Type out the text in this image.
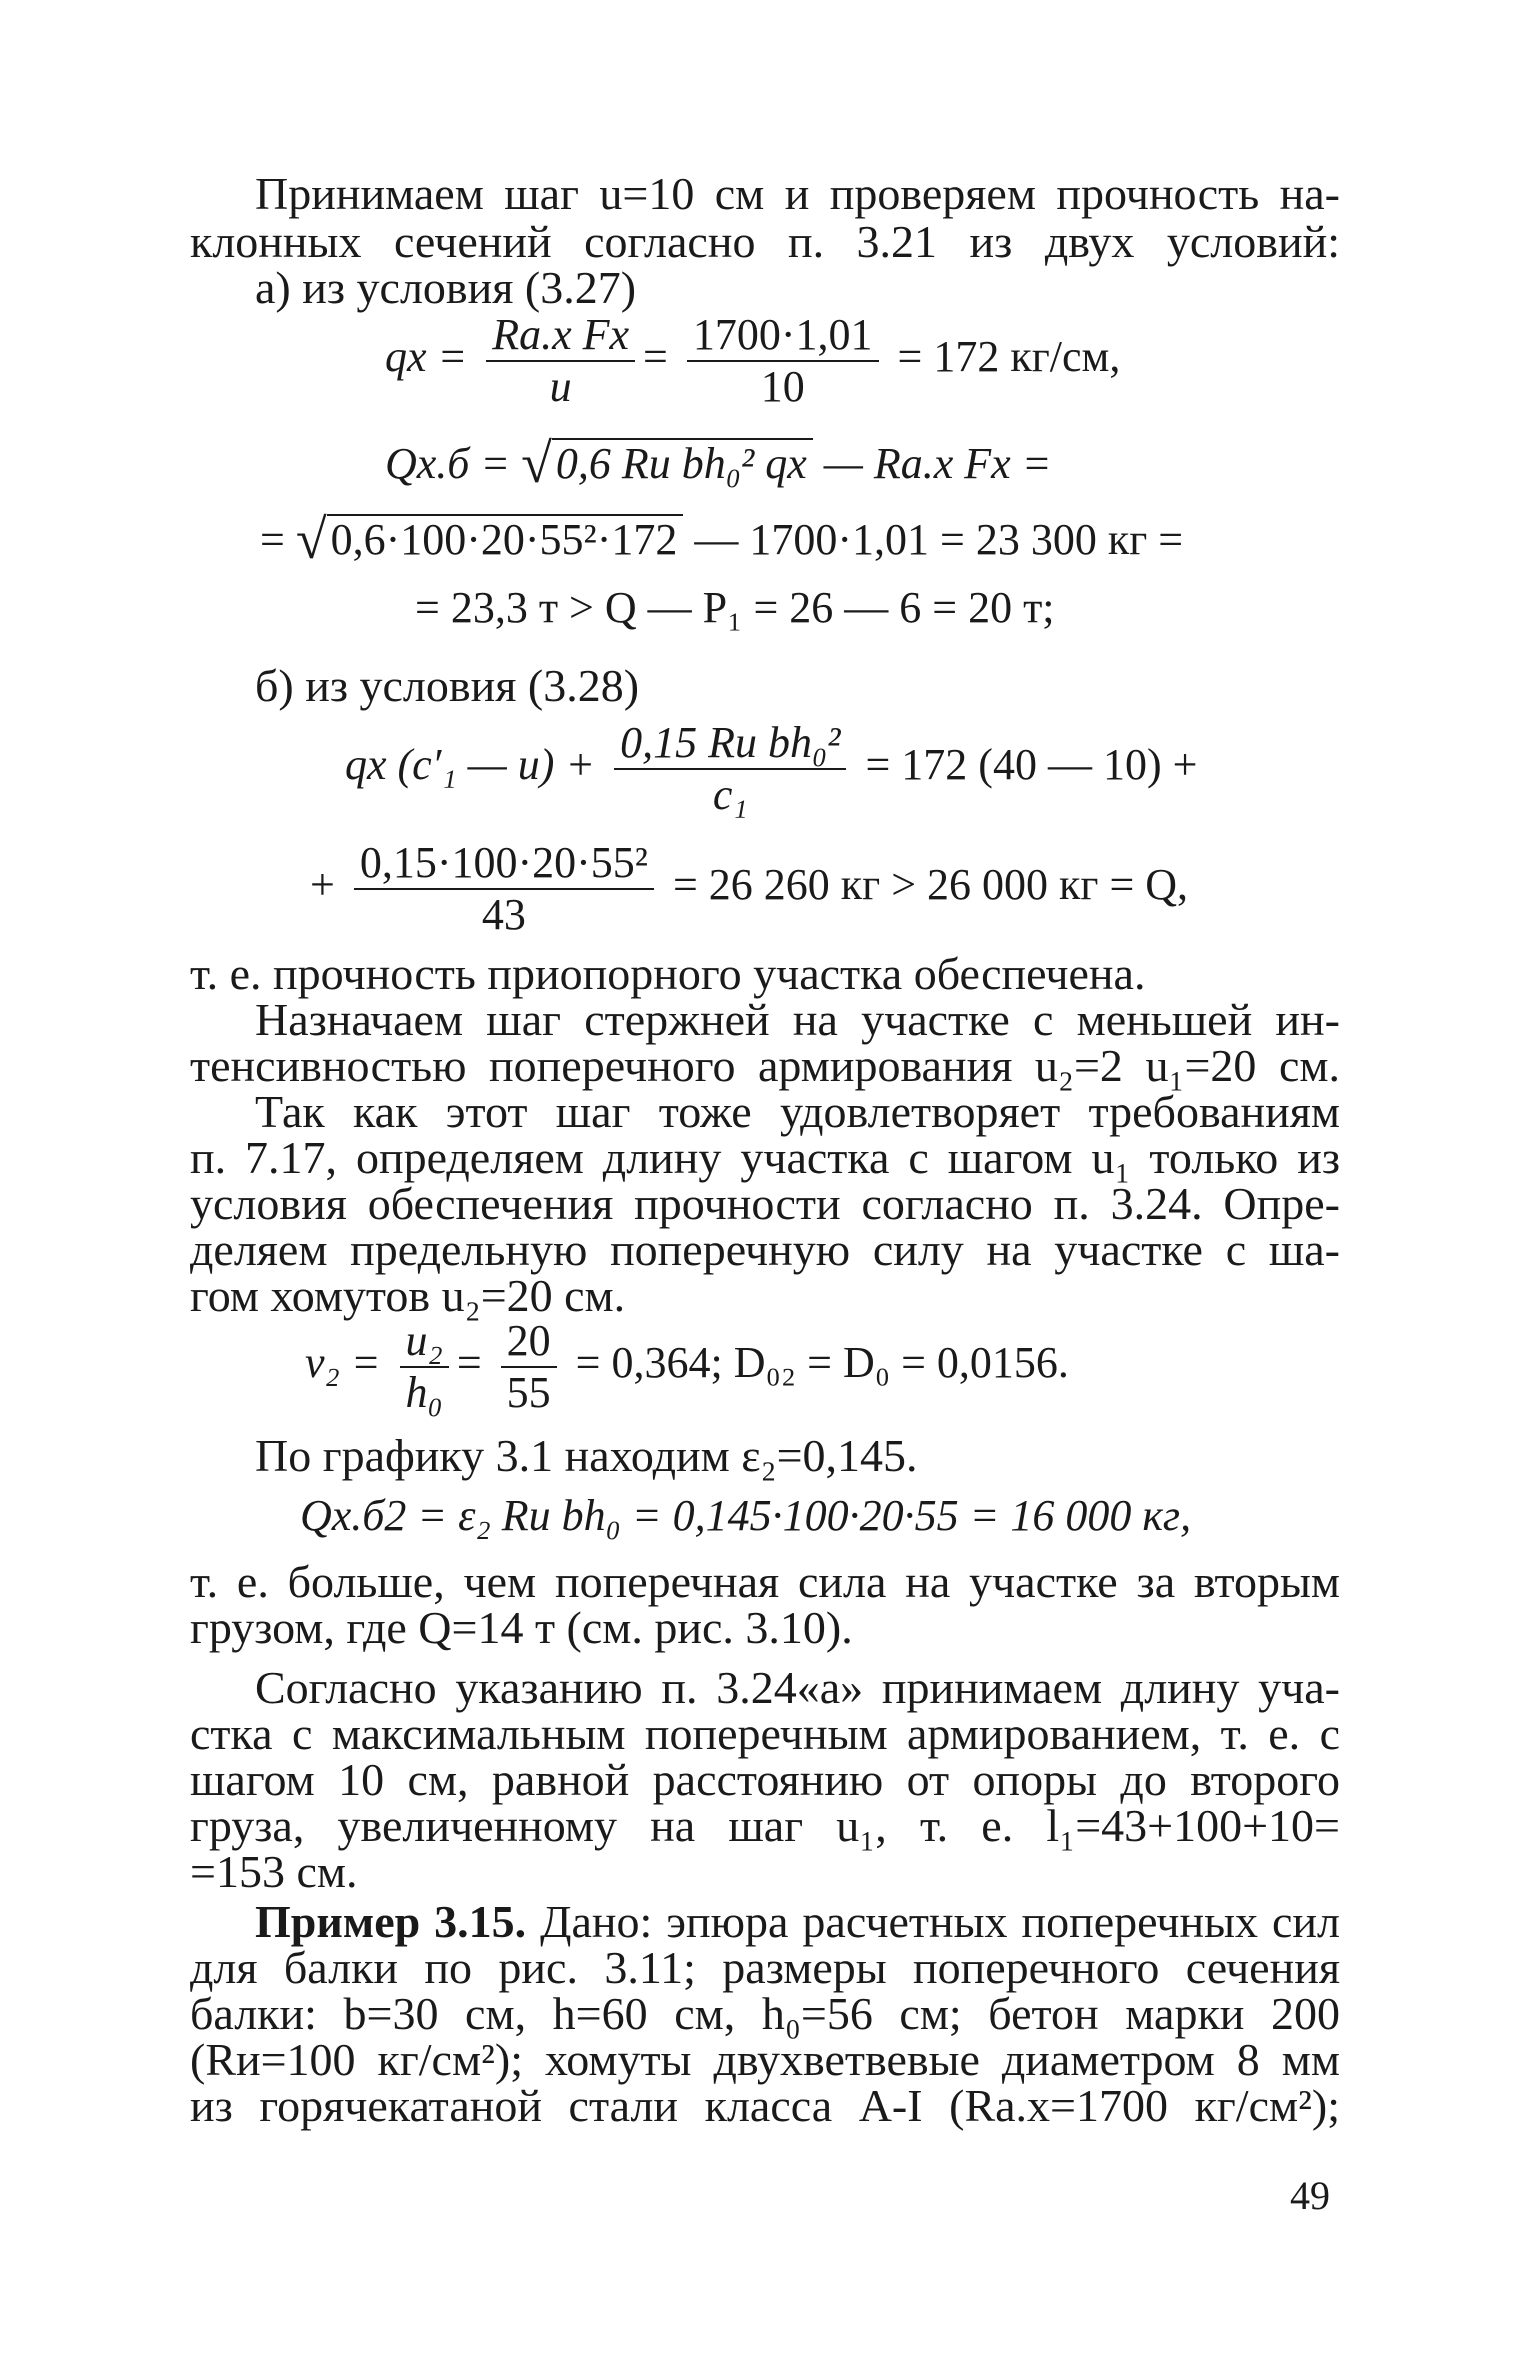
Принимаем шаг u=10 см и проверяем прочность на-
клонных сечений согласно п. 3.21 из двух условий:
а) из условия (3.27)
qх = $\frac{\text{Rа.х Fх}}{u} = \frac{1700\cdot 1,01}{10} = 172$ кг/см,
Qх.б = √0,6 Rи bh₀² qх — Rа.х Fх =
= √0,6·100·20·55²·172 — 1700·1,01 = 23 300 кг =
= 23,3 т > Q — P₁ = 26 — 6 = 20 т;
б) из условия (3.28)
qх (c′₁ — $u) + \frac{\text{0,15 Rи bh₀²}}{\text{c₁}} = 172$ (40 — 10) +
+ $\frac{\text{0,15·100·20·55²}}{43} = 26$ 260 кг > 26 000 кг = Q,
т. е. прочность приопорного участка обеспечена.
Назначаем шаг стержней на участке с меньшей ин-
тенсивностью поперечного армирования u₂=2 u₁=20 см.
Так как этот шаг тоже удовлетворяет требованиям
п. 7.17, определяем длину участка с шагом u₁ только из
условия обеспечения прочности согласно п. 3.24. Опре-
деляем предельную поперечную силу на участке с ша-
гом хомутов u₂=20 см.
$v_2 = \frac{\text{u₂}}{\text{h₀}} = \frac{20}{55} = 0,364$; D₀₂ = D₀ = 0,0156.
По графику 3.1 находим ε₂=0,145.
Qх.б2 = ε₂ Rи bh₀ = 0,145·100·20·55 = 16 000 кг,
т. е. больше, чем поперечная сила на участке за вторым
грузом, где Q=14 т (см. рис. 3.10).
Согласно указанию п. 3.24«а» принимаем длину уча-
стка с максимальным поперечным армированием, т. е. с
шагом 10 см, равной расстоянию от опоры до второго
груза, увеличенному на шаг u₁, т. е. l₁=43+100+10=
=153 см.
Пример 3.15. Дано: эпюра расчетных поперечных сил
для балки по рис. 3.11; размеры поперечного сечения
балки: b=30 см, h=60 см, h₀=56 см; бетон марки 200
(Rи=100 кг/см²); хомуты двухветвевые диаметром 8 мм
из горячекатаной стали класса А-I (Rа.х=1700 кг/см²);
49
